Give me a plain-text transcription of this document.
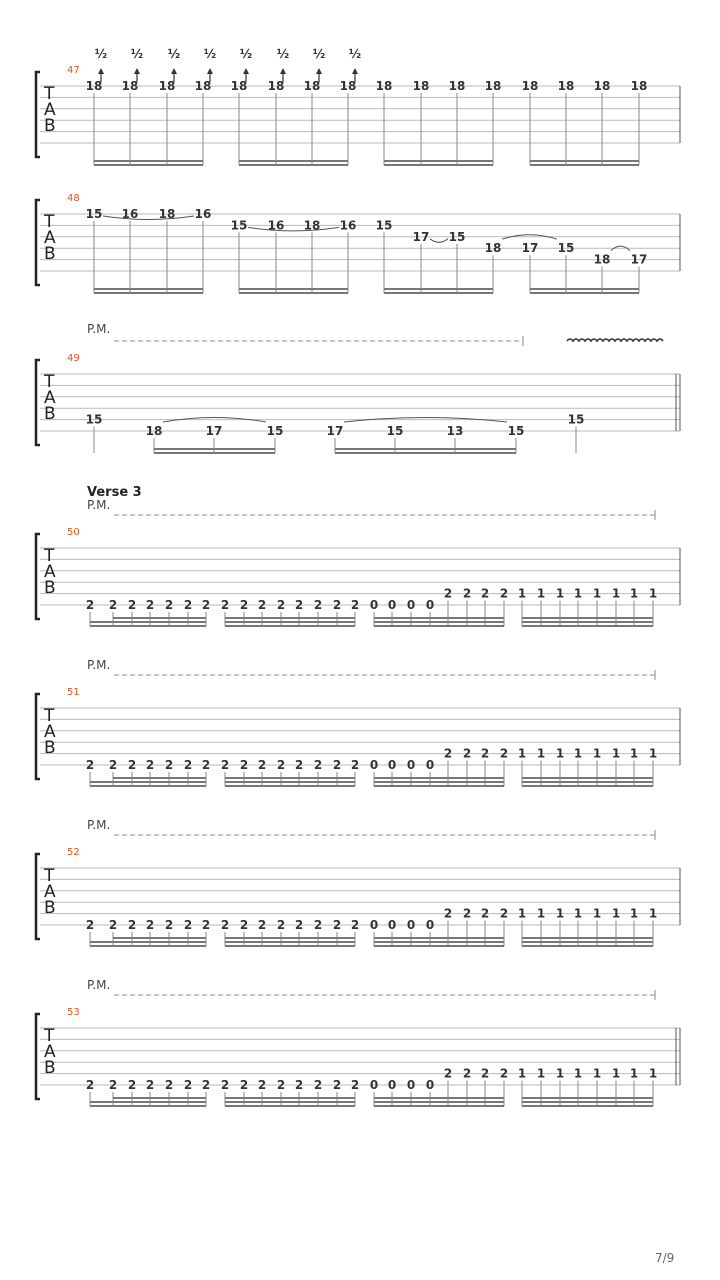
T
A
B
47
18
½
18
½
18
½
18
½
18
½
18
½
18
½
18
½
18 18 18 18 18 18 18 18
T
A
B
48
15 16 18 16
15 16 18 16 15
17 15
18 17 15
18 17
T
A
B
49
15
18	17	15	17	15	13	15
15
P.M.
Verse 3
T
A
B
50
P.M.
2 2 2 2 2 2 2 2 2 2 2 2 2 2 2 0 0 0 0
2 2 2 2 1 1 1 1 1 1 1 1
T
A
B
51
P.M.
2 2 2 2 2 2 2 2 2 2 2 2 2 2 2 0 0 0 0
2 2 2 2 1 1 1 1 1 1 1 1
T
A
B
52
P.M.
2 2 2 2 2 2 2 2 2 2 2 2 2 2 2 0 0 0 0
2 2 2 2 1 1 1 1 1 1 1 1
T
A
B
53
P.M.
2 2 2 2 2 2 2 2 2 2 2 2 2 2 2 0 0 0 0
2 2 2 2 1 1 1 1 1 1 1 1
7/9
